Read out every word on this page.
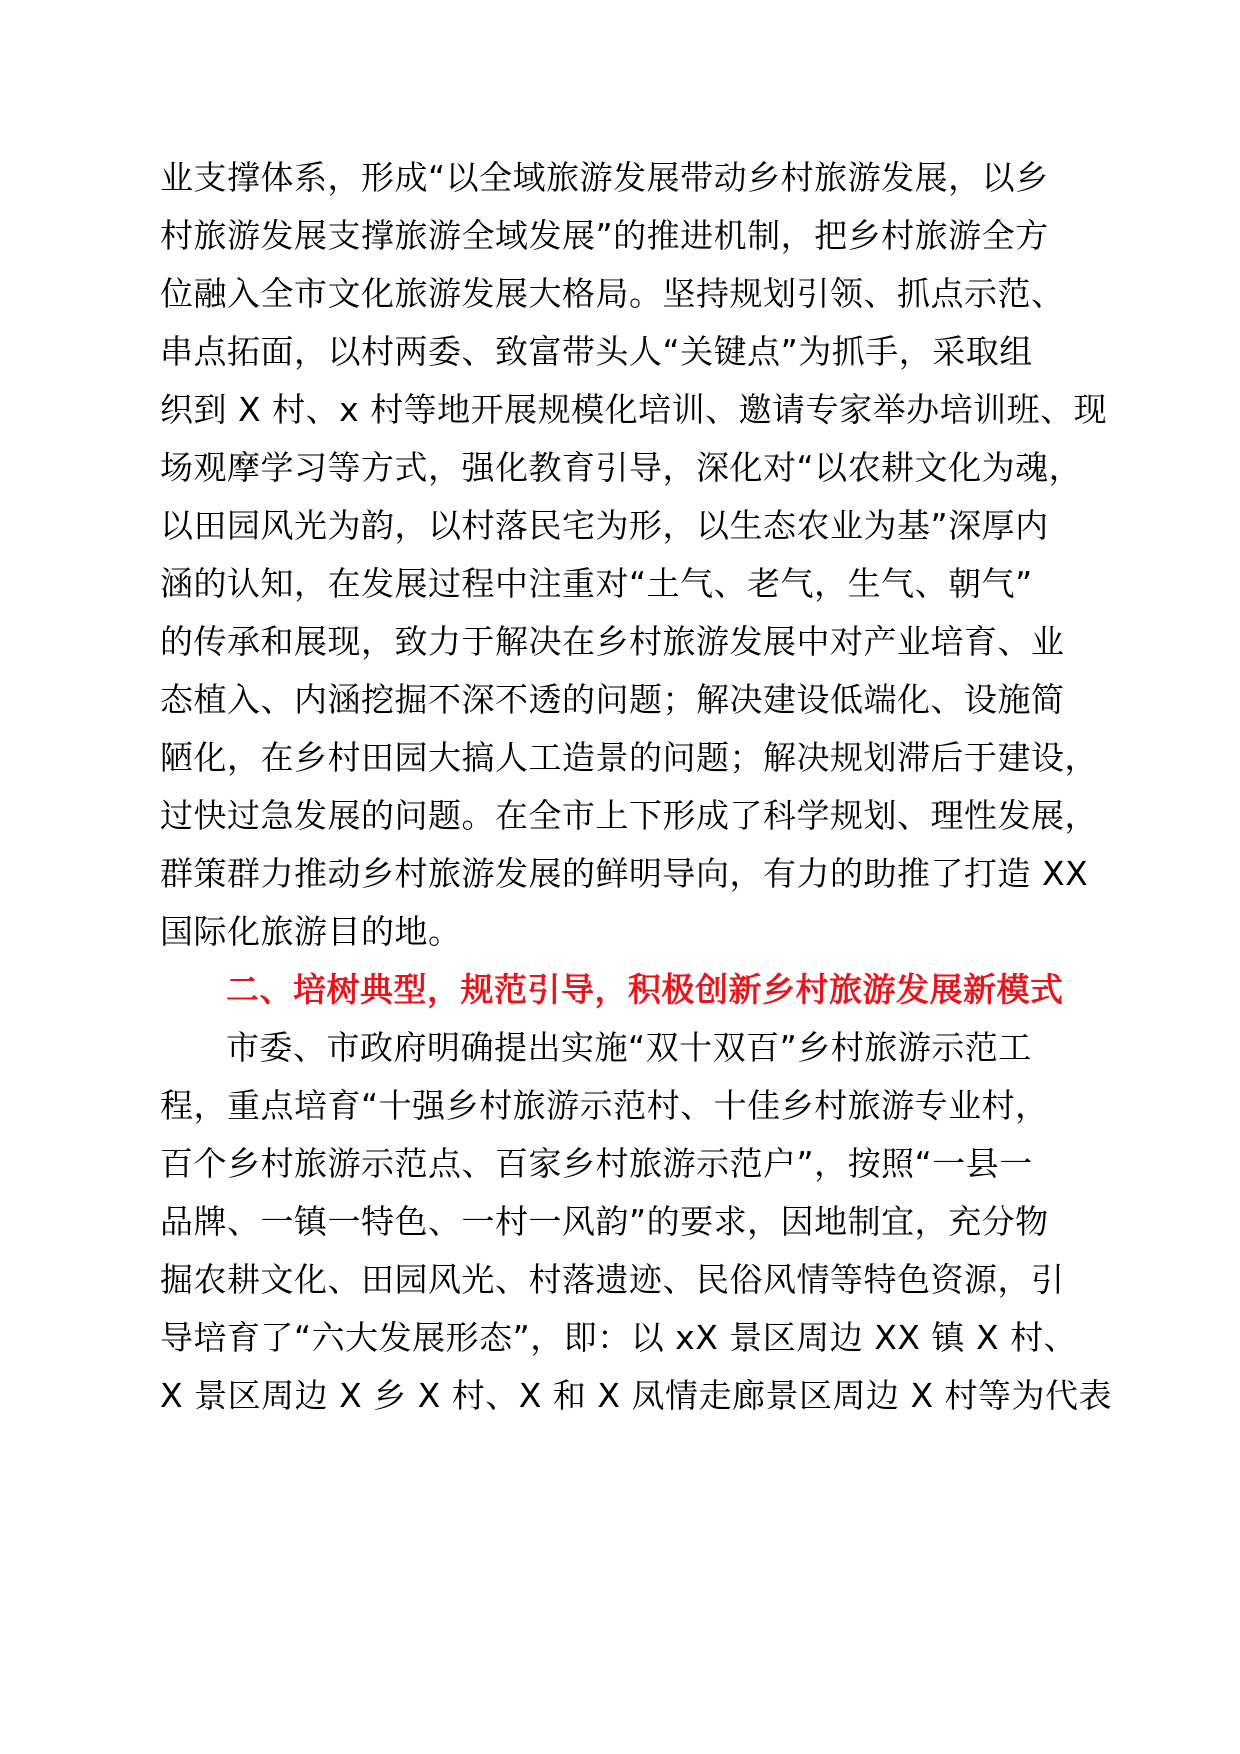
业支撑体系，形成“以全域旅游发展带动乡村旅游发展，以乡
村旅游发展支撑旅游全域发展”的推进机制，把乡村旅游全方
位融入全市文化旅游发展大格局。坚持规划引领、抓点示范、
串点拓面，以村两委、致富带头人“关键点”为抓手，采取组
织到 X 村、x 村等地开展规模化培训、邀请专家举办培训班、现
场观摩学习等方式，强化教育引导，深化对“以农耕文化为魂，
以田园风光为韵，以村落民宅为形，以生态农业为基”深厚内
涵的认知，在发展过程中注重对“土气、老气，生气、朝气”
的传承和展现，致力于解决在乡村旅游发展中对产业培育、业
态植入、内涵挖掘不深不透的问题；解决建设低端化、设施简
陋化，在乡村田园大搞人工造景的问题；解决规划滞后于建设，
过快过急发展的问题。在全市上下形成了科学规划、理性发展，
群策群力推动乡村旅游发展的鲜明导向，有力的助推了打造 XX
国际化旅游目的地。
二、培树典型，规范引导，积极创新乡村旅游发展新模式
市委、市政府明确提出实施“双十双百”乡村旅游示范工
程，重点培育“十强乡村旅游示范村、十佳乡村旅游专业村，
百个乡村旅游示范点、百家乡村旅游示范户”，按照“一县一
品牌、一镇一特色、一村一风韵”的要求，因地制宜，充分物
掘农耕文化、田园风光、村落遗迹、民俗风情等特色资源，引
导培育了“六大发展形态”，即：以 xX 景区周边 XX 镇 X 村、
X 景区周边 X 乡 X 村、X 和 X 凤情走廊景区周边 X 村等为代表
